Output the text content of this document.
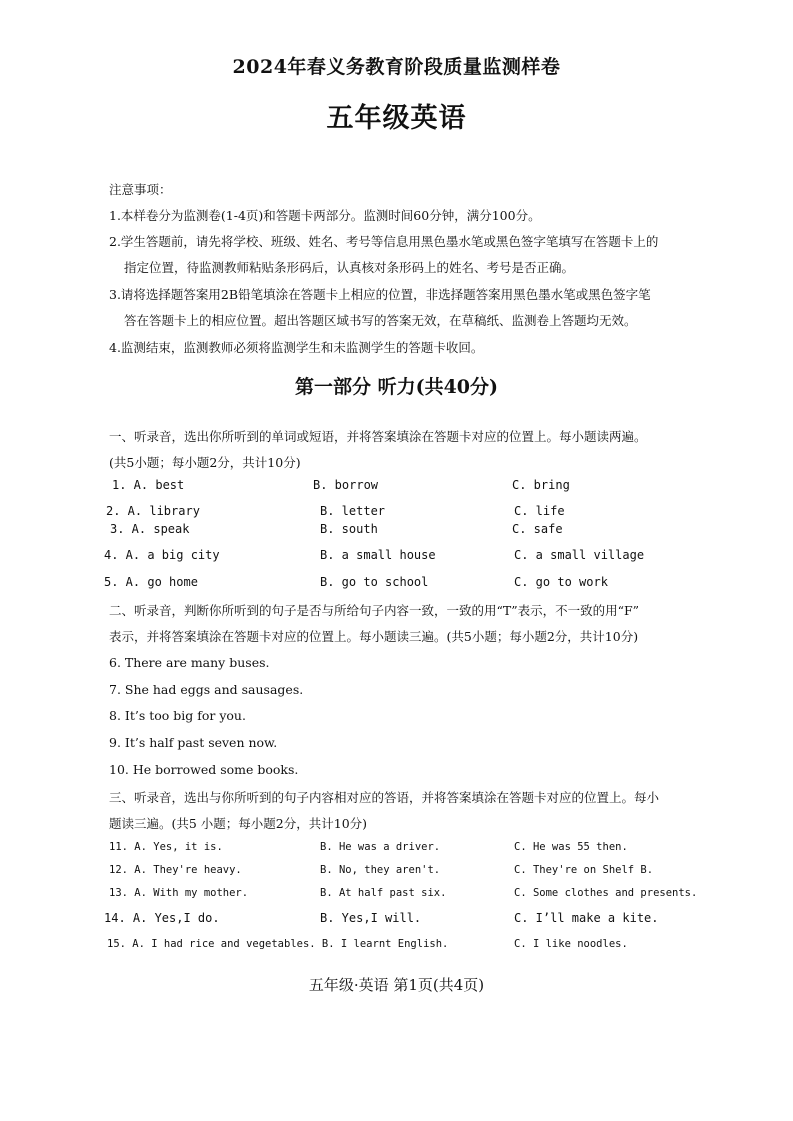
2024年春义务教育阶段质量监测样卷
五年级英语
注意事项：
1.本样卷分为监测卷(1-4页)和答题卡两部分。监测时间60分钟，满分100分。
2.学生答题前，请先将学校、班级、姓名、考号等信息用黑色墨水笔或黑色签字笔填写在答题卡上的
指定位置，待监测教师粘贴条形码后，认真核对条形码上的姓名、考号是否正确。
3.请将选择题答案用2B铅笔填涂在答题卡上相应的位置，非选择题答案用黑色墨水笔或黑色签字笔
答在答题卡上的相应位置。超出答题区域书写的答案无效，在草稿纸、监测卷上答题均无效。
4.监测结束，监测教师必须将监测学生和未监测学生的答题卡收回。
第一部分 听力(共40分)
一、听录音，选出你所听到的单词或短语，并将答案填涂在答题卡对应的位置上。每小题读两遍。
(共5小题；每小题2分，共计10分)
1. A. best	B. borrow	C. bring
2. A. library	B. letter	C. life
3. A. speak	B. south	C. safe
4. A. a big city	B. a small house	C. a small village
5. A. go home	B. go to school	C. go to work
二、听录音，判断你所听到的句子是否与所给句子内容一致，一致的用“T”表示，不一致的用“F”
表示，并将答案填涂在答题卡对应的位置上。每小题读三遍。(共5小题；每小题2分，共计10分)
6. There are many buses.
7. She had eggs and sausages.
8. It’s too big for you.
9. It’s half past seven now.
10. He borrowed some books.
三、听录音，选出与你所听到的句子内容相对应的答语，并将答案填涂在答题卡对应的位置上。每小
题读三遍。(共5 小题；每小题2分，共计10分)
11. A. Yes, it is.	B. He was a driver.	C. He was 55 then.
12. A. They're heavy.	B. No, they aren't.	C. They're on Shelf B.
13. A. With my mother.	B. At half past six.	C. Some clothes and presents.
14. A. Yes,I do.	B. Yes,I will.	C. I’ll make a kite.
15. A. I had rice and vegetables. B. I learnt English.	C. I like noodles.
五年级·英语 第1页(共4页)
